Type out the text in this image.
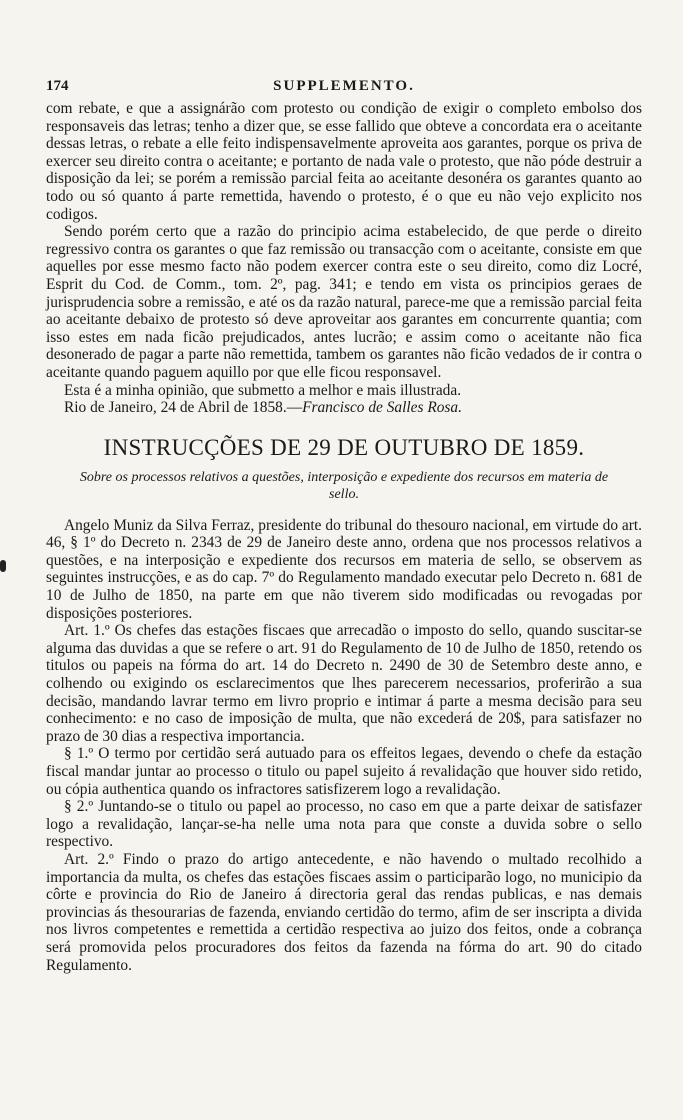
174	SUPPLEMENTO.

com rebate, e que a assignárão com protesto ou condição de exigir o completo embolso dos responsaveis das letras; tenho a dizer que, se esse fallido que obteve a concordata era o aceitante dessas letras, o rebate a elle feito indispensavelmente aproveita aos garantes, porque os priva de exercer seu direito contra o aceitante; e portanto de nada vale o protesto, que não póde destruir a disposição da lei; se porém a remissão parcial feita ao aceitante desonéra os garantes quanto ao todo ou só quanto á parte remettida, havendo o protesto, é o que eu não vejo explicito nos codigos.

Sendo porém certo que a razão do principio acima estabelecido, de que perde o direito regressivo contra os garantes o que faz remissão ou transacção com o aceitante, consiste em que aquelles por esse mesmo facto não podem exercer contra este o seu direito, como diz Locré, Esprit du Cod. de Comm., tom. 2º, pag. 341; e tendo em vista os principios geraes de jurisprudencia sobre a remissão, e até os da razão natural, parece-me que a remissão parcial feita ao aceitante debaixo de protesto só deve aproveitar aos garantes em concurrente quantia; com isso estes em nada ficão prejudicados, antes lucrão; e assim como o aceitante não fica desonerado de pagar a parte não remettida, tambem os garantes não ficão vedados de ir contra o aceitante quando paguem aquillo por que elle ficou responsavel.

Esta é a minha opinião, que submetto a melhor e mais illustrada.

Rio de Janeiro, 24 de Abril de 1858.—Francisco de Salles Rosa.

INSTRUCÇÕES DE 29 DE OUTUBRO DE 1859.
Sobre os processos relativos a questões, interposição e expediente dos recursos em materia de sello.

Angelo Muniz da Silva Ferraz, presidente do tribunal do thesouro nacional, em virtude do art. 46, § 1º do Decreto n. 2343 de 29 de Janeiro deste anno, ordena que nos processos relativos a questões, e na interposição e expediente dos recursos em materia de sello, se observem as seguintes instrucções, e as do cap. 7º do Regulamento mandado executar pelo Decreto n. 681 de 10 de Julho de 1850, na parte em que não tiverem sido modificadas ou revogadas por disposições posteriores.

Art. 1.º Os chefes das estações fiscaes que arrecadão o imposto do sello, quando suscitar-se alguma das duvidas a que se refere o art. 91 do Regulamento de 10 de Julho de 1850, retendo os titulos ou papeis na fórma do art. 14 do Decreto n. 2490 de 30 de Setembro deste anno, e colhendo ou exigindo os esclarecimentos que lhes parecerem necessarios, proferirão a sua decisão, mandando lavrar termo em livro proprio e intimar á parte a mesma decisão para seu conhecimento: e no caso de imposição de multa, que não excederá de 20$, para satisfazer no prazo de 30 dias a respectiva importancia.

§ 1.º O termo por certidão será autuado para os effeitos legaes, devendo o chefe da estação fiscal mandar juntar ao processo o titulo ou papel sujeito á revalidação que houver sido retido, ou cópia authentica quando os infractores satisfizerem logo a revalidação.

§ 2.º Juntando-se o titulo ou papel ao processo, no caso em que a parte deixar de satisfazer logo a revalidação, lançar-se-ha nelle uma nota para que conste a duvida sobre o sello respectivo.

Art. 2.º Findo o prazo do artigo antecedente, e não havendo o multado recolhido a importancia da multa, os chefes das estações fiscaes assim o participarão logo, no municipio da côrte e provincia do Rio de Janeiro á directoria geral das rendas publicas, e nas demais provincias ás thesourarias de fazenda, enviando certidão do termo, afim de ser inscripta a divida nos livros competentes e remettida a certidão respectiva ao juizo dos feitos, onde a cobrança será promovida pelos procuradores dos feitos da fazenda na fórma do art. 90 do citado Regulamento.
